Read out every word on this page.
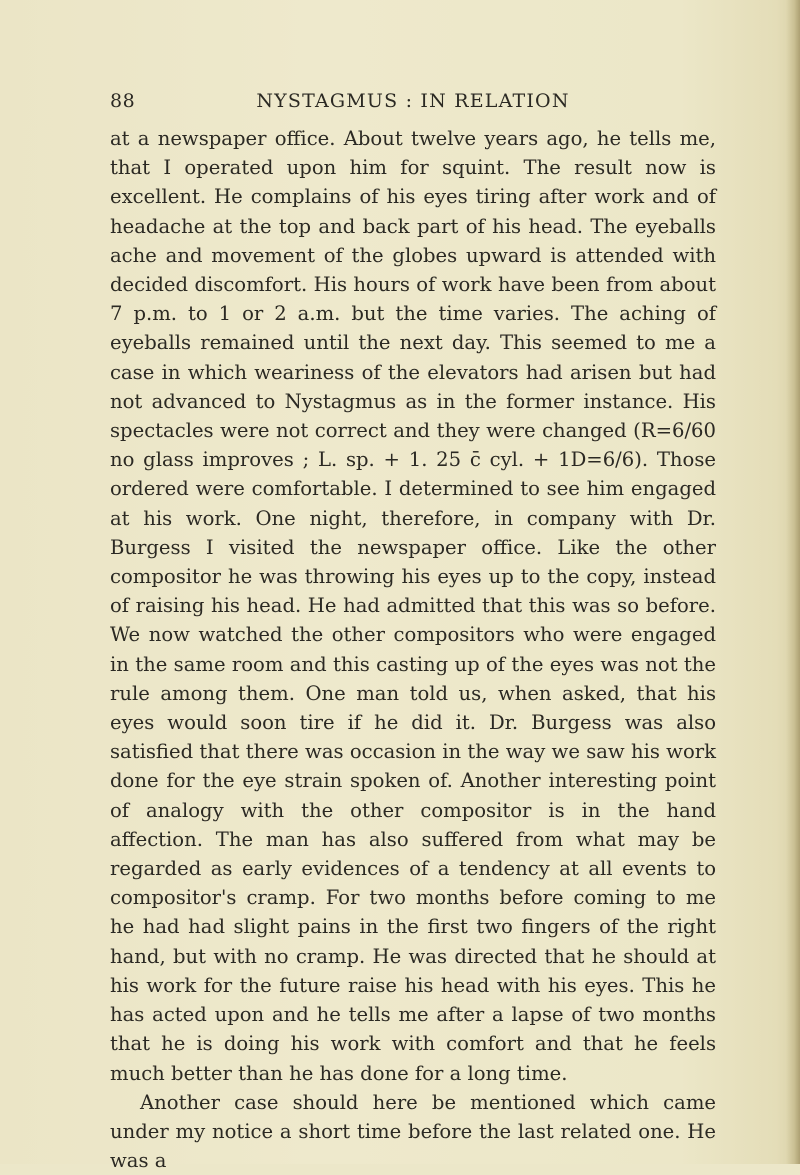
88	NYSTAGMUS : IN RELATION

at a newspaper office. About twelve years ago, he tells me, that I operated upon him for squint. The result now is excellent. He complains of his eyes tiring after work and of headache at the top and back part of his head. The eyeballs ache and movement of the globes upward is attended with decided discomfort. His hours of work have been from about 7 p.m. to 1 or 2 a.m. but the time varies. The aching of eyeballs remained until the next day. This seemed to me a case in which weariness of the elevators had arisen but had not advanced to Nystagmus as in the former instance. His spectacles were not correct and they were changed (R=6/60 no glass improves ; L. sp. + 1. 25 c̄ cyl. + 1D=6/6). Those ordered were comfortable. I determined to see him engaged at his work. One night, therefore, in company with Dr. Burgess I visited the newspaper office. Like the other compositor he was throwing his eyes up to the copy, instead of raising his head. He had admitted that this was so before. We now watched the other compositors who were engaged in the same room and this casting up of the eyes was not the rule among them. One man told us, when asked, that his eyes would soon tire if he did it. Dr. Burgess was also satisfied that there was occasion in the way we saw his work done for the eye strain spoken of. Another interesting point of analogy with the other compositor is in the hand affection. The man has also suffered from what may be regarded as early evidences of a tendency at all events to compositor's cramp. For two months before coming to me he had had slight pains in the first two fingers of the right hand, but with no cramp. He was directed that he should at his work for the future raise his head with his eyes. This he has acted upon and he tells me after a lapse of two months that he is doing his work with comfort and that he feels much better than he has done for a long time.

Another case should here be mentioned which came under my notice a short time before the last related one. He was a
